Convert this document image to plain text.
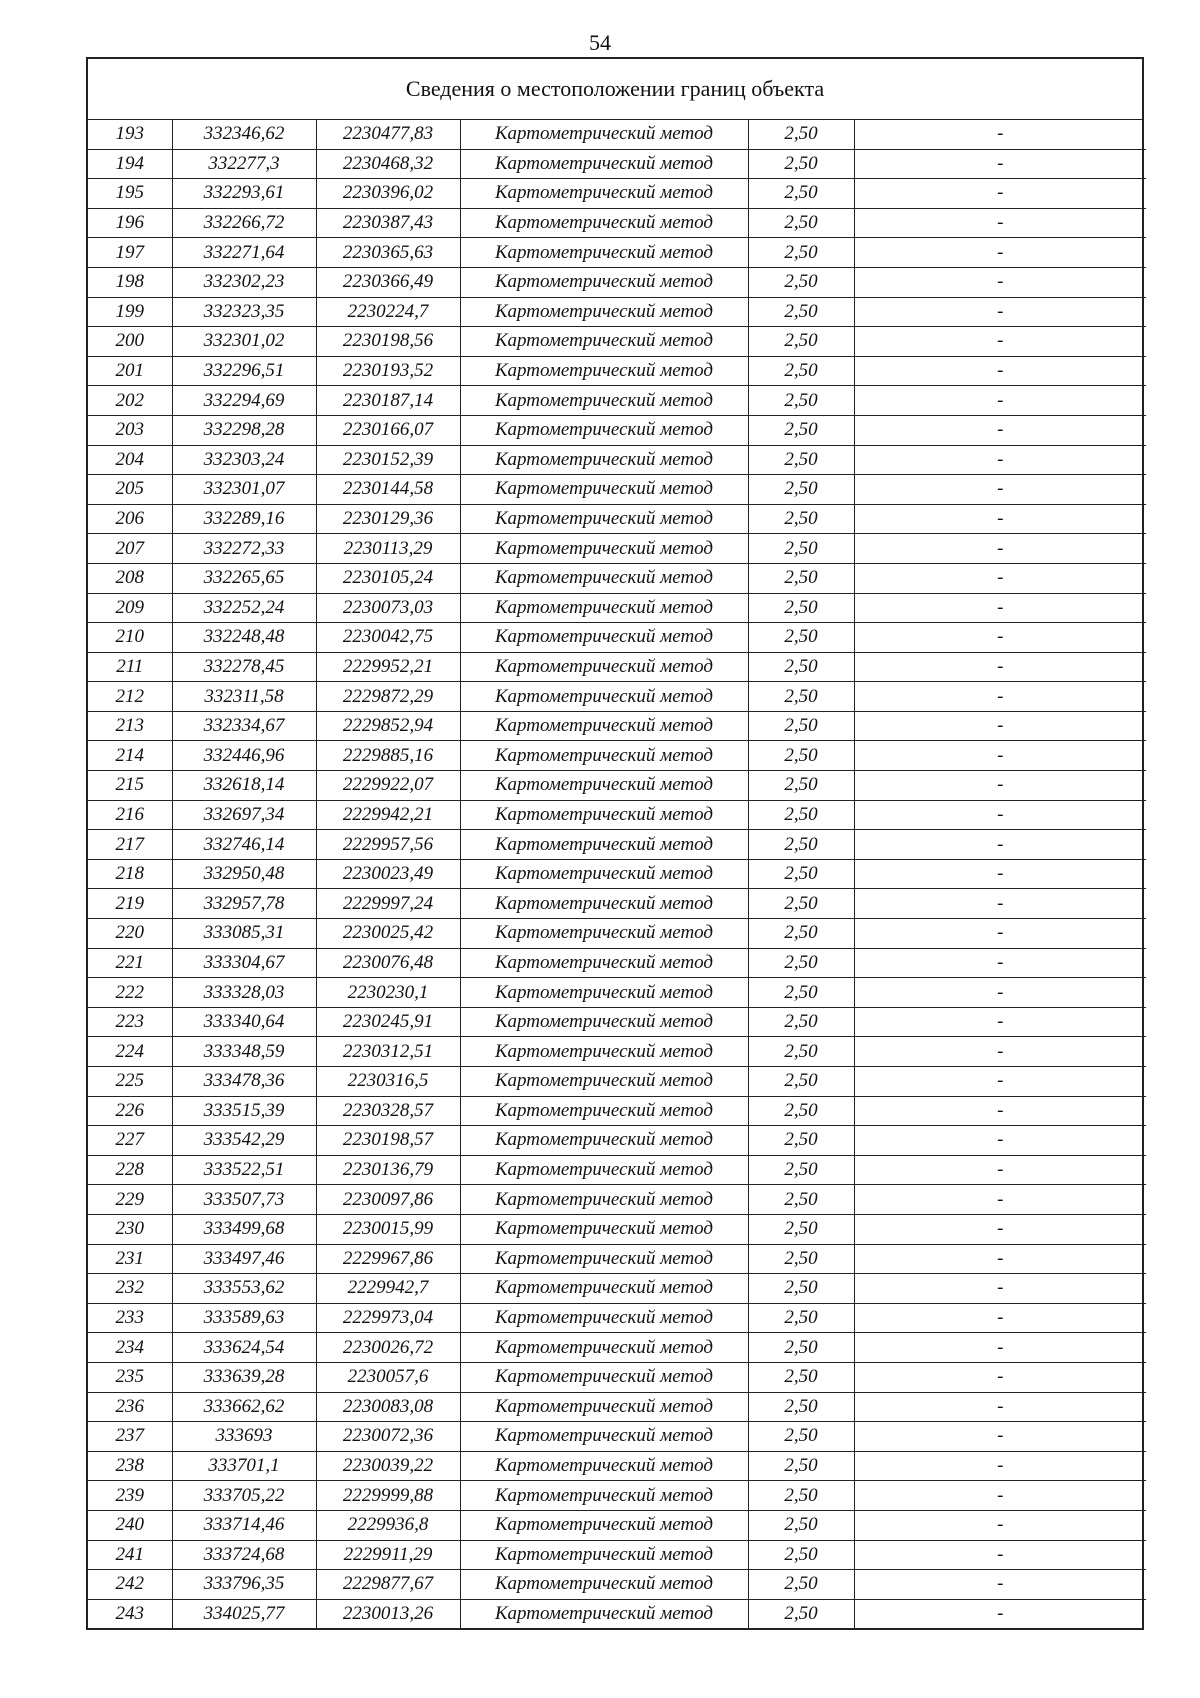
54
Сведения о местоположении границ объекта
193	332346,62	2230477,83	Картометрический метод	2,50	-
194	332277,3	2230468,32	Картометрический метод	2,50	-
195	332293,61	2230396,02	Картометрический метод	2,50	-
196	332266,72	2230387,43	Картометрический метод	2,50	-
197	332271,64	2230365,63	Картометрический метод	2,50	-
198	332302,23	2230366,49	Картометрический метод	2,50	-
199	332323,35	2230224,7	Картометрический метод	2,50	-
200	332301,02	2230198,56	Картометрический метод	2,50	-
201	332296,51	2230193,52	Картометрический метод	2,50	-
202	332294,69	2230187,14	Картометрический метод	2,50	-
203	332298,28	2230166,07	Картометрический метод	2,50	-
204	332303,24	2230152,39	Картометрический метод	2,50	-
205	332301,07	2230144,58	Картометрический метод	2,50	-
206	332289,16	2230129,36	Картометрический метод	2,50	-
207	332272,33	2230113,29	Картометрический метод	2,50	-
208	332265,65	2230105,24	Картометрический метод	2,50	-
209	332252,24	2230073,03	Картометрический метод	2,50	-
210	332248,48	2230042,75	Картометрический метод	2,50	-
211	332278,45	2229952,21	Картометрический метод	2,50	-
212	332311,58	2229872,29	Картометрический метод	2,50	-
213	332334,67	2229852,94	Картометрический метод	2,50	-
214	332446,96	2229885,16	Картометрический метод	2,50	-
215	332618,14	2229922,07	Картометрический метод	2,50	-
216	332697,34	2229942,21	Картометрический метод	2,50	-
217	332746,14	2229957,56	Картометрический метод	2,50	-
218	332950,48	2230023,49	Картометрический метод	2,50	-
219	332957,78	2229997,24	Картометрический метод	2,50	-
220	333085,31	2230025,42	Картометрический метод	2,50	-
221	333304,67	2230076,48	Картометрический метод	2,50	-
222	333328,03	2230230,1	Картометрический метод	2,50	-
223	333340,64	2230245,91	Картометрический метод	2,50	-
224	333348,59	2230312,51	Картометрический метод	2,50	-
225	333478,36	2230316,5	Картометрический метод	2,50	-
226	333515,39	2230328,57	Картометрический метод	2,50	-
227	333542,29	2230198,57	Картометрический метод	2,50	-
228	333522,51	2230136,79	Картометрический метод	2,50	-
229	333507,73	2230097,86	Картометрический метод	2,50	-
230	333499,68	2230015,99	Картометрический метод	2,50	-
231	333497,46	2229967,86	Картометрический метод	2,50	-
232	333553,62	2229942,7	Картометрический метод	2,50	-
233	333589,63	2229973,04	Картометрический метод	2,50	-
234	333624,54	2230026,72	Картометрический метод	2,50	-
235	333639,28	2230057,6	Картометрический метод	2,50	-
236	333662,62	2230083,08	Картометрический метод	2,50	-
237	333693	2230072,36	Картометрический метод	2,50	-
238	333701,1	2230039,22	Картометрический метод	2,50	-
239	333705,22	2229999,88	Картометрический метод	2,50	-
240	333714,46	2229936,8	Картометрический метод	2,50	-
241	333724,68	2229911,29	Картометрический метод	2,50	-
242	333796,35	2229877,67	Картометрический метод	2,50	-
243	334025,77	2230013,26	Картометрический метод	2,50	-
